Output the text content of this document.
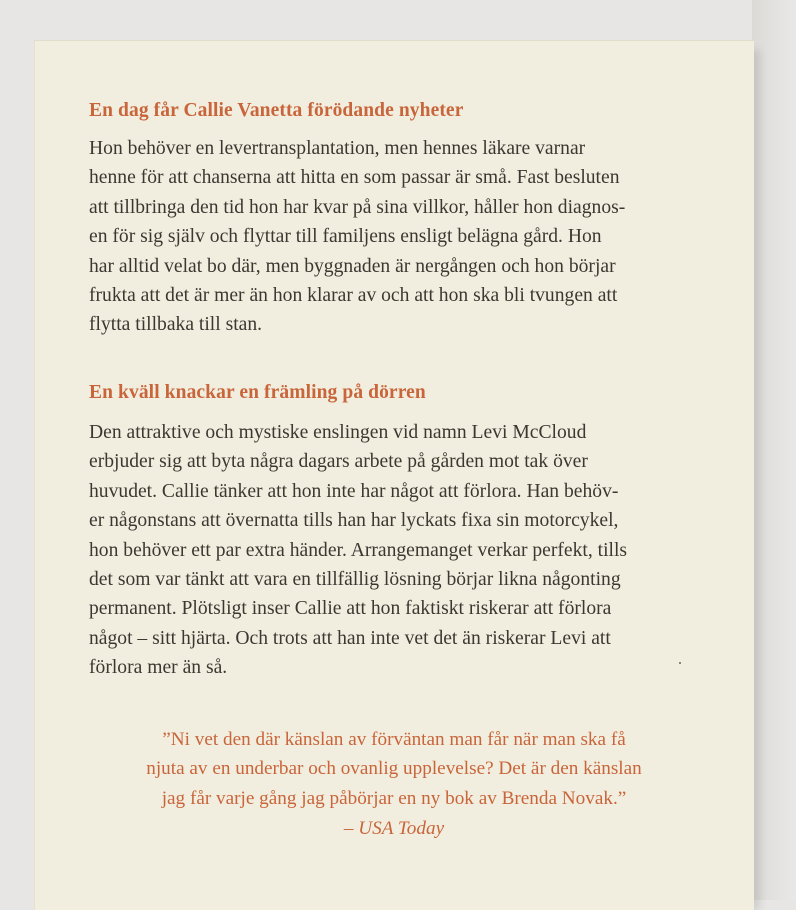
En dag får Callie Vanetta förödande nyheter

Hon behöver en levertransplantation, men hennes läkare varnar
henne för att chanserna att hitta en som passar är små. Fast besluten
att tillbringa den tid hon har kvar på sina villkor, håller hon diagnos-
en för sig själv och flyttar till familjens ensligt belägna gård. Hon
har alltid velat bo där, men byggnaden är nergången och hon börjar
frukta att det är mer än hon klarar av och att hon ska bli tvungen att
flytta tillbaka till stan.

En kväll knackar en främling på dörren

Den attraktive och mystiske enslingen vid namn Levi McCloud
erbjuder sig att byta några dagars arbete på gården mot tak över
huvudet. Callie tänker att hon inte har något att förlora. Han behöv-
er någonstans att övernatta tills han har lyckats fixa sin motorcykel,
hon behöver ett par extra händer. Arrangemanget verkar perfekt, tills
det som var tänkt att vara en tillfällig lösning börjar likna någonting
permanent. Plötsligt inser Callie att hon faktiskt riskerar att förlora
något – sitt hjärta. Och trots att han inte vet det än riskerar Levi att
förlora mer än så.

”Ni vet den där känslan av förväntan man får när man ska få
njuta av en underbar och ovanlig upplevelse? Det är den känslan
jag får varje gång jag påbörjar en ny bok av Brenda Novak.”

– USA Today
